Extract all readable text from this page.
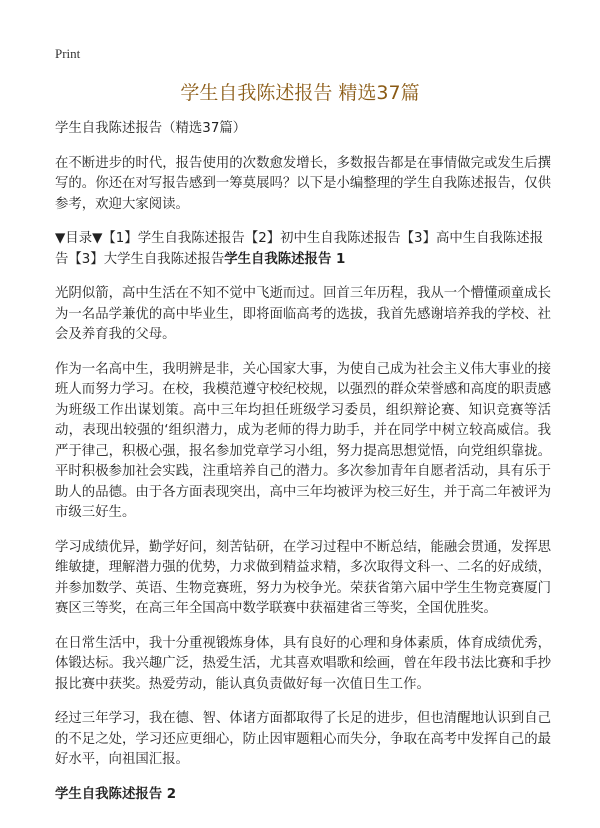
Print
学生自我陈述报告 精选37篇

学生自我陈述报告（精选37篇）

在不断进步的时代，报告使用的次数愈发增长，多数报告都是在事情做完或发生后撰写的。你还在对写报告感到一筹莫展吗？以下是小编整理的学生自我陈述报告，仅供参考，欢迎大家阅读。

▼目录▼【1】学生自我陈述报告【2】初中生自我陈述报告【3】高中生自我陈述报告【3】大学生自我陈述报告学生自我陈述报告 1

光阴似箭，高中生活在不知不觉中飞逝而过。回首三年历程，我从一个懵懂顽童成长为一名品学兼优的高中毕业生，即将面临高考的选拔，我首先感谢培养我的学校、社会及养育我的父母。

作为一名高中生，我明辨是非，关心国家大事，为使自己成为社会主义伟大事业的接班人而努力学习。在校，我模范遵守校纪校规，以强烈的群众荣誉感和高度的职责感为班级工作出谋划策。高中三年均担任班级学习委员，组织辩论赛、知识竞赛等活动，表现出较强的‘组织潜力，成为老师的得力助手，并在同学中树立较高威信。我严于律己，积极心强，报名参加党章学习小组，努力提高思想觉悟，向党组织靠拢。平时积极参加社会实践，注重培养自己的潜力。多次参加青年自愿者活动，具有乐于助人的品德。由于各方面表现突出，高中三年均被评为校三好生，并于高二年被评为市级三好生。

学习成绩优异，勤学好问，刻苦钻研，在学习过程中不断总结，能融会贯通，发挥思维敏捷，理解潜力强的优势，力求做到精益求精，多次取得文科一、二名的好成绩，并参加数学、英语、生物竞赛班，努力为校争光。荣获省第六届中学生生物竞赛厦门赛区三等奖，在高三年全国高中数学联赛中获福建省三等奖，全国优胜奖。

在日常生活中，我十分重视锻炼身体，具有良好的心理和身体素质，体育成绩优秀，体锻达标。我兴趣广泛，热爱生活，尤其喜欢唱歌和绘画，曾在年段书法比赛和手抄报比赛中获奖。热爱劳动，能认真负责做好每一次值日生工作。

经过三年学习，我在德、智、体诸方面都取得了长足的进步，但也清醒地认识到自己的不足之处，学习还应更细心，防止因审题粗心而失分，争取在高考中发挥自己的最好水平，向祖国汇报。

学生自我陈述报告 2
